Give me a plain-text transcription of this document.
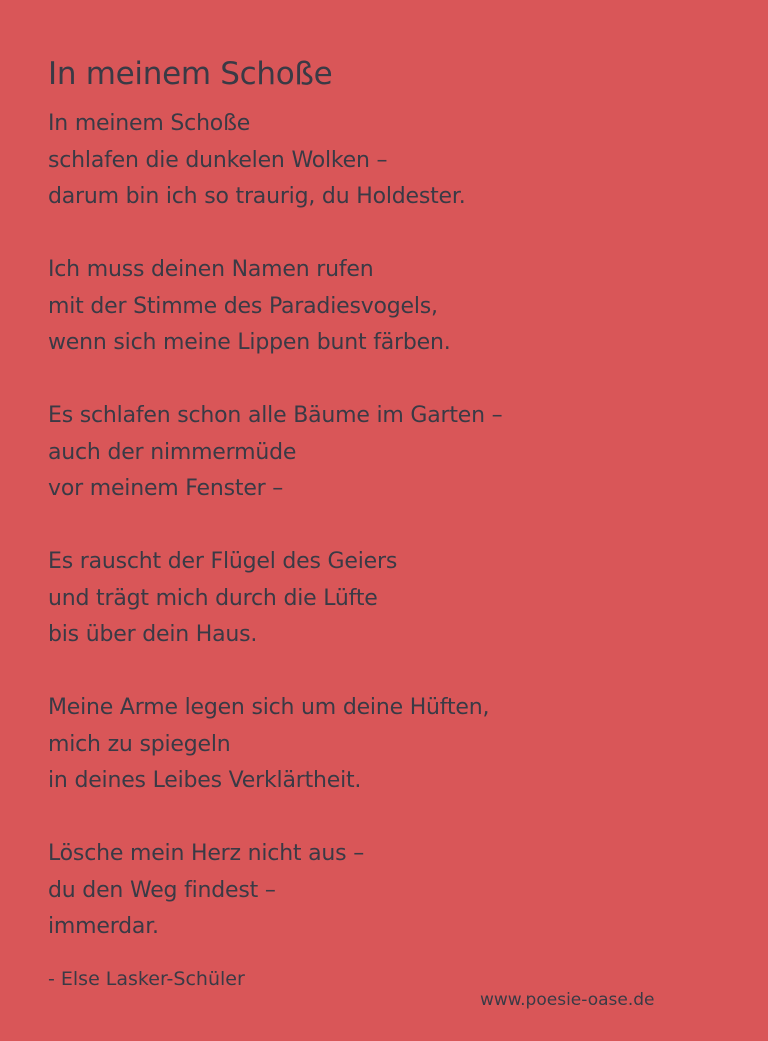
In meinem Schoße
In meinem Schoße
schlafen die dunkelen Wolken –
darum bin ich so traurig, du Holdester.
Ich muss deinen Namen rufen
mit der Stimme des Paradiesvogels,
wenn sich meine Lippen bunt färben.
Es schlafen schon alle Bäume im Garten –
auch der nimmermüde
vor meinem Fenster –
Es rauscht der Flügel des Geiers
und trägt mich durch die Lüfte
bis über dein Haus.
Meine Arme legen sich um deine Hüften,
mich zu spiegeln
in deines Leibes Verklärtheit.
Lösche mein Herz nicht aus –
du den Weg findest –
immerdar.
- Else Lasker-Schüler
www.poesie-oase.de
